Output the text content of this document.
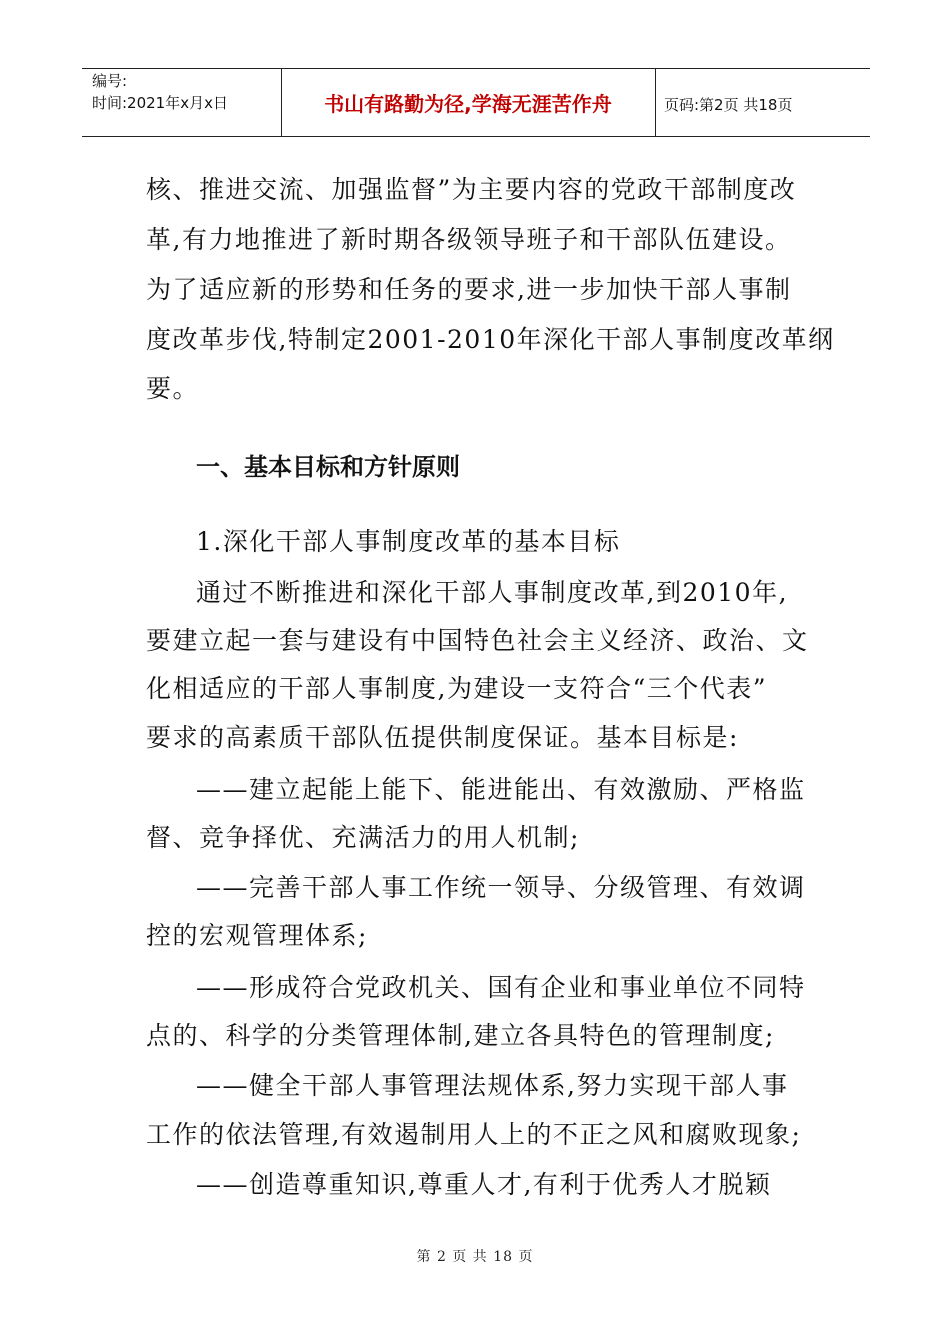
编号:
时间:2021年x月x日	书山有路勤为径,学海无涯苦作舟	页码:第2页 共18页
核、推进交流、加强监督”为主要内容的党政干部制度改
革,有力地推进了新时期各级领导班子和干部队伍建设。
为了适应新的形势和任务的要求,进一步加快干部人事制
度改革步伐,特制定2001-2010年深化干部人事制度改革纲
要。
一、基本目标和方针原则
1.深化干部人事制度改革的基本目标
通过不断推进和深化干部人事制度改革,到2010年,
要建立起一套与建设有中国特色社会主义经济、政治、文
化相适应的干部人事制度,为建设一支符合“三个代表”
要求的高素质干部队伍提供制度保证。基本目标是:
——建立起能上能下、能进能出、有效激励、严格监
督、竞争择优、充满活力的用人机制;
——完善干部人事工作统一领导、分级管理、有效调
控的宏观管理体系;
——形成符合党政机关、国有企业和事业单位不同特
点的、科学的分类管理体制,建立各具特色的管理制度;
——健全干部人事管理法规体系,努力实现干部人事
工作的依法管理,有效遏制用人上的不正之风和腐败现象;
——创造尊重知识,尊重人才,有利于优秀人才脱颖
第 2 页 共 18 页
